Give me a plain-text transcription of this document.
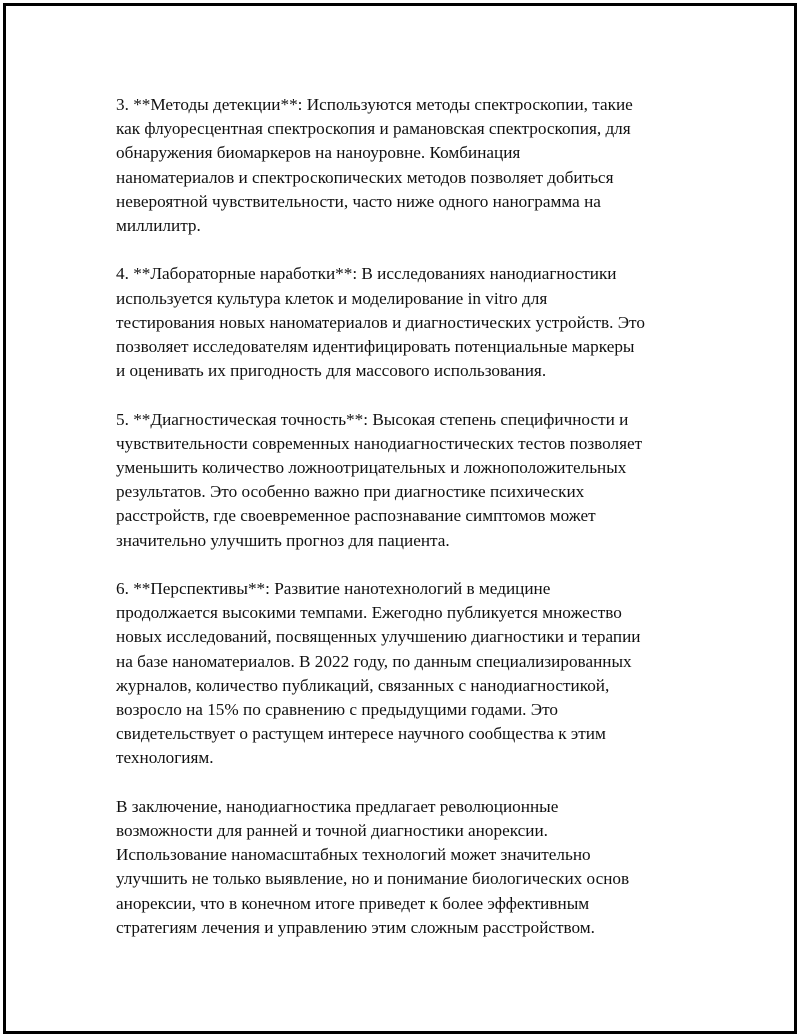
3. **Методы детекции**: Используются методы спектроскопии, такие
как флуоресцентная спектроскопия и рамановская спектроскопия, для
обнаружения биомаркеров на наноуровне. Комбинация
наноматериалов и спектроскопических методов позволяет добиться
невероятной чувствительности, часто ниже одного нанограмма на
миллилитр.

4. **Лабораторные наработки**: В исследованиях нанодиагностики
используется культура клеток и моделирование in vitro для
тестирования новых наноматериалов и диагностических устройств. Это
позволяет исследователям идентифицировать потенциальные маркеры
и оценивать их пригодность для массового использования.

5. **Диагностическая точность**: Высокая степень специфичности и
чувствительности современных нанодиагностических тестов позволяет
уменьшить количество ложноотрицательных и ложноположительных
результатов. Это особенно важно при диагностике психических
расстройств, где своевременное распознавание симптомов может
значительно улучшить прогноз для пациента.

6. **Перспективы**: Развитие нанотехнологий в медицине
продолжается высокими темпами. Ежегодно публикуется множество
новых исследований, посвященных улучшению диагностики и терапии
на базе наноматериалов. В 2022 году, по данным специализированных
журналов, количество публикаций, связанных с нанодиагностикой,
возросло на 15% по сравнению с предыдущими годами. Это
свидетельствует о растущем интересе научного сообщества к этим
технологиям.

В заключение, нанодиагностика предлагает революционные
возможности для ранней и точной диагностики анорексии.
Использование наномасштабных технологий может значительно
улучшить не только выявление, но и понимание биологических основ
анорексии, что в конечном итоге приведет к более эффективным
стратегиям лечения и управлению этим сложным расстройством.
